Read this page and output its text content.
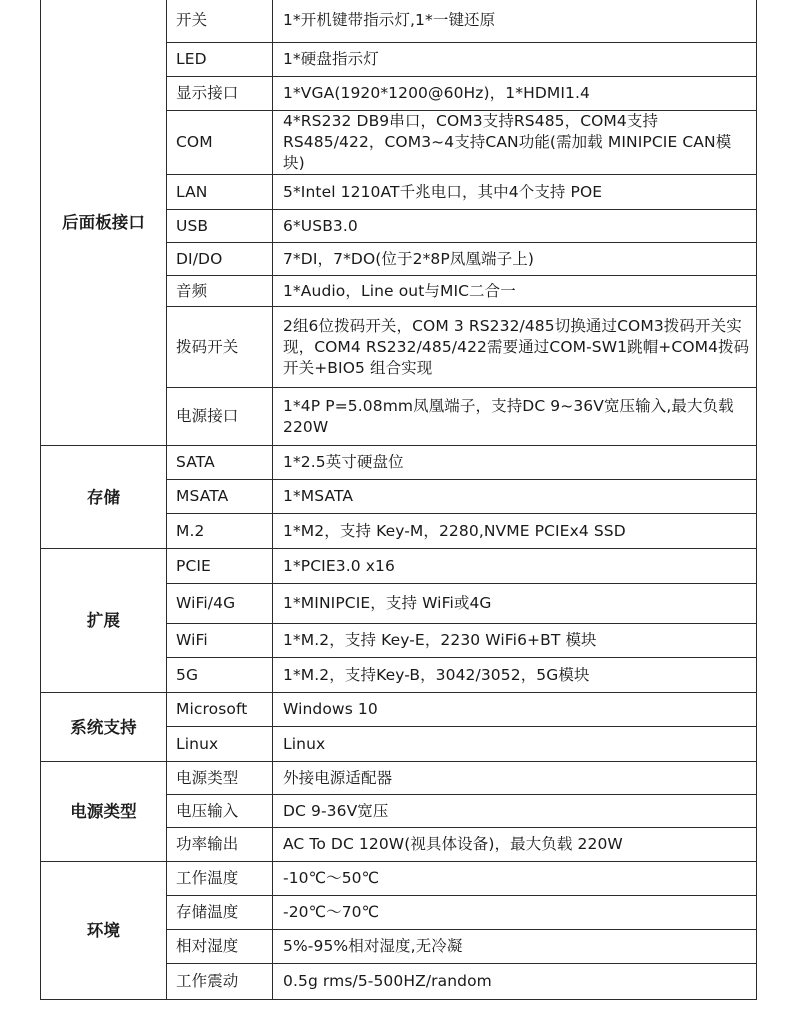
后面板接口	开关	1*开机键带指示灯,1*一键还原
	LED	1*硬盘指示灯
	显示接口	1*VGA(1920*1200@60Hz)，1*HDMI1.4
	COM	4*RS232 DB9串口，COM3支持RS485，COM4支持RS485/422，COM3~4支持CAN功能(需加载 MINIPCIE CAN模块)
	LAN	5*Intel 1210AT千兆电口，其中4个支持 POE
	USB	6*USB3.0
	DI/DO	7*DI，7*DO(位于2*8P凤凰端子上)
	音频	1*Audio，Line out与MIC二合一
	拨码开关	2组6位拨码开关，COM 3 RS232/485切换通过COM3拨码开关实现，COM4 RS232/485/422需要通过COM-SW1跳帽+COM4拨码开关+BIO5 组合实现
	电源接口	1*4P P=5.08mm凤凰端子，支持DC 9~36V宽压输入,最大负载220W
存储	SATA	1*2.5英寸硬盘位
	MSATA	1*MSATA
	M.2	1*M2，支持 Key-M，2280,NVME PCIEx4 SSD
扩展	PCIE	1*PCIE3.0 x16
	WiFi/4G	1*MINIPCIE，支持 WiFi或4G
	WiFi	1*M.2，支持 Key-E，2230 WiFi6+BT 模块
	5G	1*M.2，支持Key-B，3042/3052，5G模块
系统支持	Microsoft	Windows 10
	Linux	Linux
电源类型	电源类型	外接电源适配器
	电压输入	DC 9-36V宽压
	功率输出	AC To DC 120W(视具体设备)，最大负载 220W
环境	工作温度	-10℃～50℃
	存储温度	-20℃～70℃
	相对湿度	5%-95%相对湿度,无冷凝
	工作震动	0.5g rms/5-500HZ/random
